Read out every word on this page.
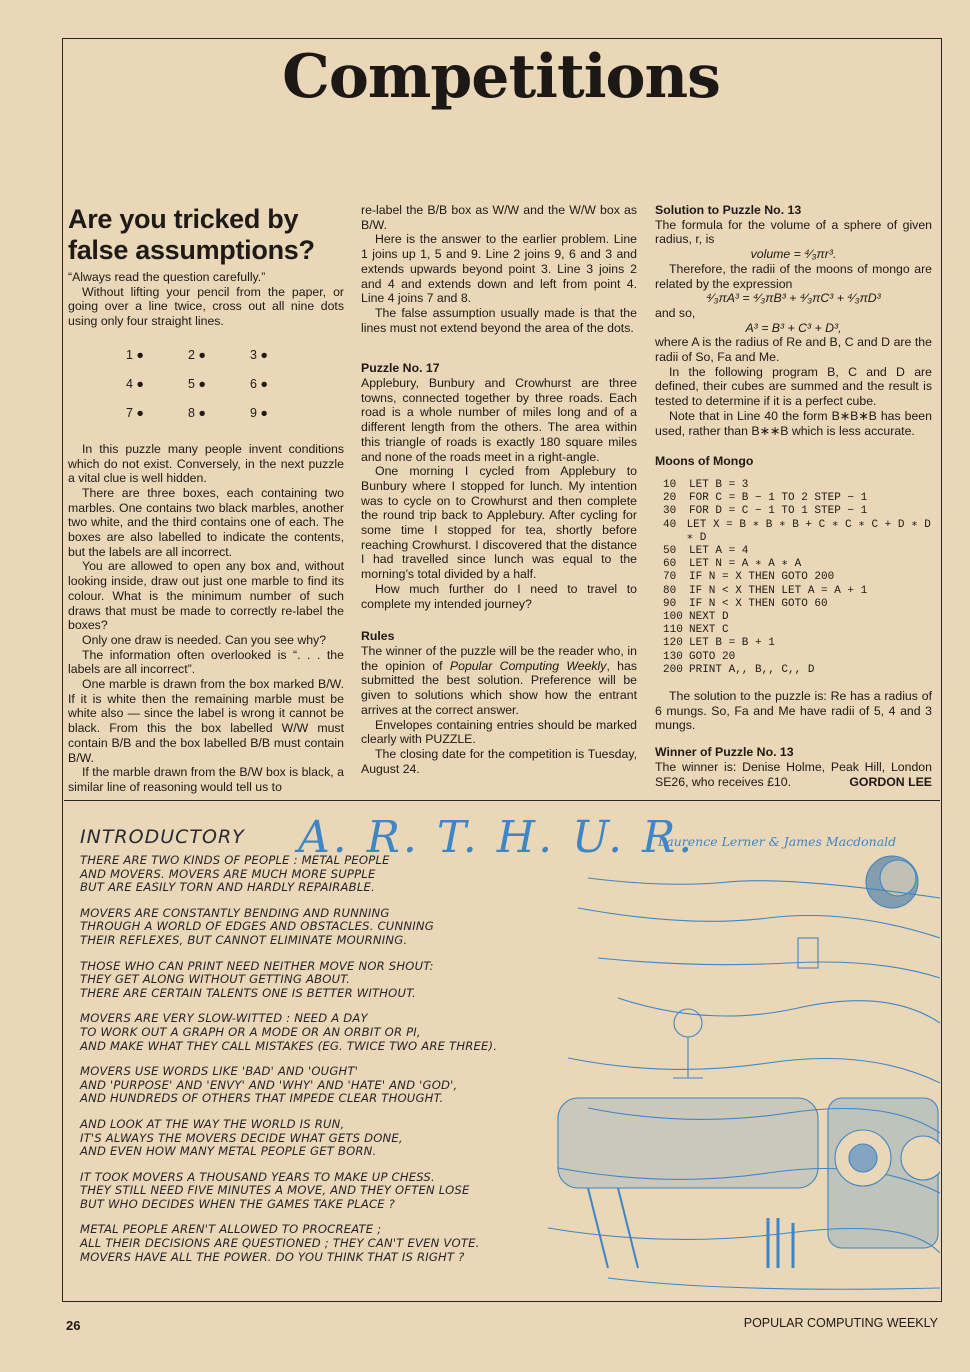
Competitions
Are you tricked by false assumptions?

“Always read the question carefully.”

Without lifting your pencil from the paper, or going over a line twice, cross out all nine dots using only four straight lines.

1 ●	2 ●	3 ●
4 ●	5 ●	6 ●
7 ●	8 ●	9 ●

In this puzzle many people invent conditions which do not exist. Conversely, in the next puzzle a vital clue is well hidden.

There are three boxes, each containing two marbles. One contains two black marbles, another two white, and the third contains one of each. The boxes are also labelled to indicate the contents, but the labels are all incorrect.

You are allowed to open any box and, without looking inside, draw out just one marble to find its colour. What is the minimum number of such draws that must be made to correctly re-label the boxes?

Only one draw is needed. Can you see why?

The information often overlooked is “. . . the labels are all incorrect”.

One marble is drawn from the box marked B/W. If it is white then the remaining marble must be white also — since the label is wrong it cannot be black. From this the box labelled W/W must contain B/B and the box labelled B/B must contain B/W.

If the marble drawn from the B/W box is black, a similar line of reasoning would tell us to

re-label the B/B box as W/W and the W/W box as B/W.

Here is the answer to the earlier problem. Line 1 joins up 1, 5 and 9. Line 2 joins 9, 6 and 3 and extends upwards beyond point 3. Line 3 joins 2 and 4 and extends down and left from point 4. Line 4 joins 7 and 8.

The false assumption usually made is that the lines must not extend beyond the area of the dots.

Puzzle No. 17

Applebury, Bunbury and Crowhurst are three towns, connected together by three roads. Each road is a whole number of miles long and of a different length from the others. The area within this triangle of roads is exactly 180 square miles and none of the roads meet in a right-angle.

One morning I cycled from Applebury to Bunbury where I stopped for lunch. My intention was to cycle on to Crowhurst and then complete the round trip back to Applebury. After cycling for some time I stopped for tea, shortly before reaching Crowhurst. I discovered that the distance I had travelled since lunch was equal to the morning’s total divided by a half.

How much further do I need to travel to complete my intended journey?

Rules

The winner of the puzzle will be the reader who, in the opinion of Popular Computing Weekly, has submitted the best solution. Preference will be given to solutions which show how the entrant arrives at the correct answer.

Envelopes containing entries should be marked clearly with PUZZLE.

The closing date for the competition is Tuesday, August 24.

Solution to Puzzle No. 13

The formula for the volume of a sphere of given radius, r, is

volume = ⁴⁄₃πr³.

Therefore, the radii of the moons of mongo are related by the expression

⁴⁄₃πA³ = ⁴⁄₃πB³ + ⁴⁄₃πC³ + ⁴⁄₃πD³

and so,

A³ = B³ + C³ + D³,

where A is the radius of Re and B, C and D are the radii of So, Fa and Me.

In the following program B, C and D are defined, their cubes are summed and the result is tested to determine if it is a perfect cube.

Note that in Line 40 the form B∗B∗B has been used, rather than B∗∗B which is less accurate.

Moons of Mongo

10	LET B = 3
20	FOR C = B − 1 TO 2 STEP − 1
30	FOR D = C − 1 TO 1 STEP − 1
40 LET X = B ∗ B ∗ B + C ∗ C ∗ C + D ∗ D ∗ D
50	LET A = 4
60	LET N = A ∗ A ∗ A
70	IF N = X THEN GOTO 200
80	IF N < X THEN LET A = A + 1
90	IF N < X THEN GOTO 60
100 NEXT D
110 NEXT C
120 LET B = B + 1
130 GOTO 20
200 PRINT A,, B,, C,, D

The solution to the puzzle is: Re has a radius of 6 mungs. So, Fa and Me have radii of 5, 4 and 3 mungs.

Winner of Puzzle No. 13

The winner is: Denise Holme, Peak Hill, London SE26, who receives £10.	GORDON LEE

INTRODUCTORY A. R. T. H. U. R.
Laurence Lerner & James Macdonald
THERE ARE TWO KINDS OF PEOPLE : METAL PEOPLE
AND MOVERS. MOVERS ARE MUCH MORE SUPPLE
BUT ARE EASILY TORN AND HARDLY REPAIRABLE.
MOVERS ARE CONSTANTLY BENDING AND RUNNING
THROUGH A WORLD OF EDGES AND OBSTACLES. CUNNING
THEIR REFLEXES, BUT CANNOT ELIMINATE MOURNING.
THOSE WHO CAN PRINT NEED NEITHER MOVE NOR SHOUT:
THEY GET ALONG WITHOUT GETTING ABOUT.
THERE ARE CERTAIN TALENTS ONE IS BETTER WITHOUT.
MOVERS ARE VERY SLOW-WITTED : NEED A DAY
TO WORK OUT A GRAPH OR A MODE OR AN ORBIT OR PI,
AND MAKE WHAT THEY CALL MISTAKES (EG. TWICE TWO ARE THREE).
MOVERS USE WORDS LIKE 'BAD' AND 'OUGHT'
AND 'PURPOSE' AND 'ENVY' AND 'WHY' AND 'HATE' AND 'GOD',
AND HUNDREDS OF OTHERS THAT IMPEDE CLEAR THOUGHT.
AND LOOK AT THE WAY THE WORLD IS RUN,
IT'S ALWAYS THE MOVERS DECIDE WHAT GETS DONE,
AND EVEN HOW MANY METAL PEOPLE GET BORN.
IT TOOK MOVERS A THOUSAND YEARS TO MAKE UP CHESS.
THEY STILL NEED FIVE MINUTES A MOVE, AND THEY OFTEN LOSE
BUT WHO DECIDES WHEN THE GAMES TAKE PLACE ?
METAL PEOPLE AREN'T ALLOWED TO PROCREATE ;
ALL THEIR DECISIONS ARE QUESTIONED ; THEY CAN'T EVEN VOTE.
MOVERS HAVE ALL THE POWER. DO YOU THINK THAT IS RIGHT ?
26	POPULAR COMPUTING WEEKLY
